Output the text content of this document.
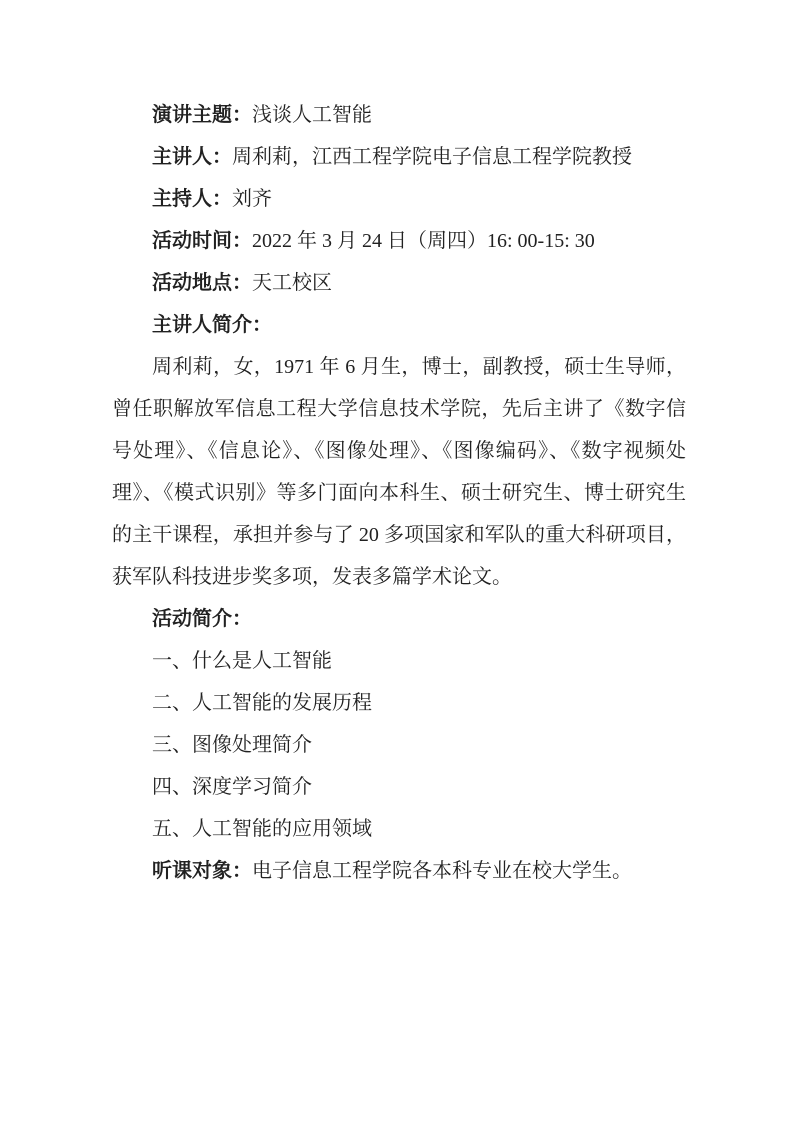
演讲主题：浅谈人工智能

主讲人：周利莉，江西工程学院电子信息工程学院教授

主持人：刘齐

活动时间：2022 年 3 月 24 日（周四）16: 00-15: 30

活动地点：天工校区

主讲人简介：

周利莉，女，1971 年 6 月生，博士，副教授，硕士生导师，曾任职解放军信息工程大学信息技术学院，先后主讲了《数字信号处理》、《信息论》、《图像处理》、《图像编码》、《数字视频处理》、《模式识别》等多门面向本科生、硕士研究生、博士研究生的主干课程，承担并参与了 20 多项国家和军队的重大科研项目，获军队科技进步奖多项，发表多篇学术论文。

活动简介：

一、什么是人工智能

二、人工智能的发展历程

三、图像处理简介

四、深度学习简介

五、人工智能的应用领域

听课对象：电子信息工程学院各本科专业在校大学生。
